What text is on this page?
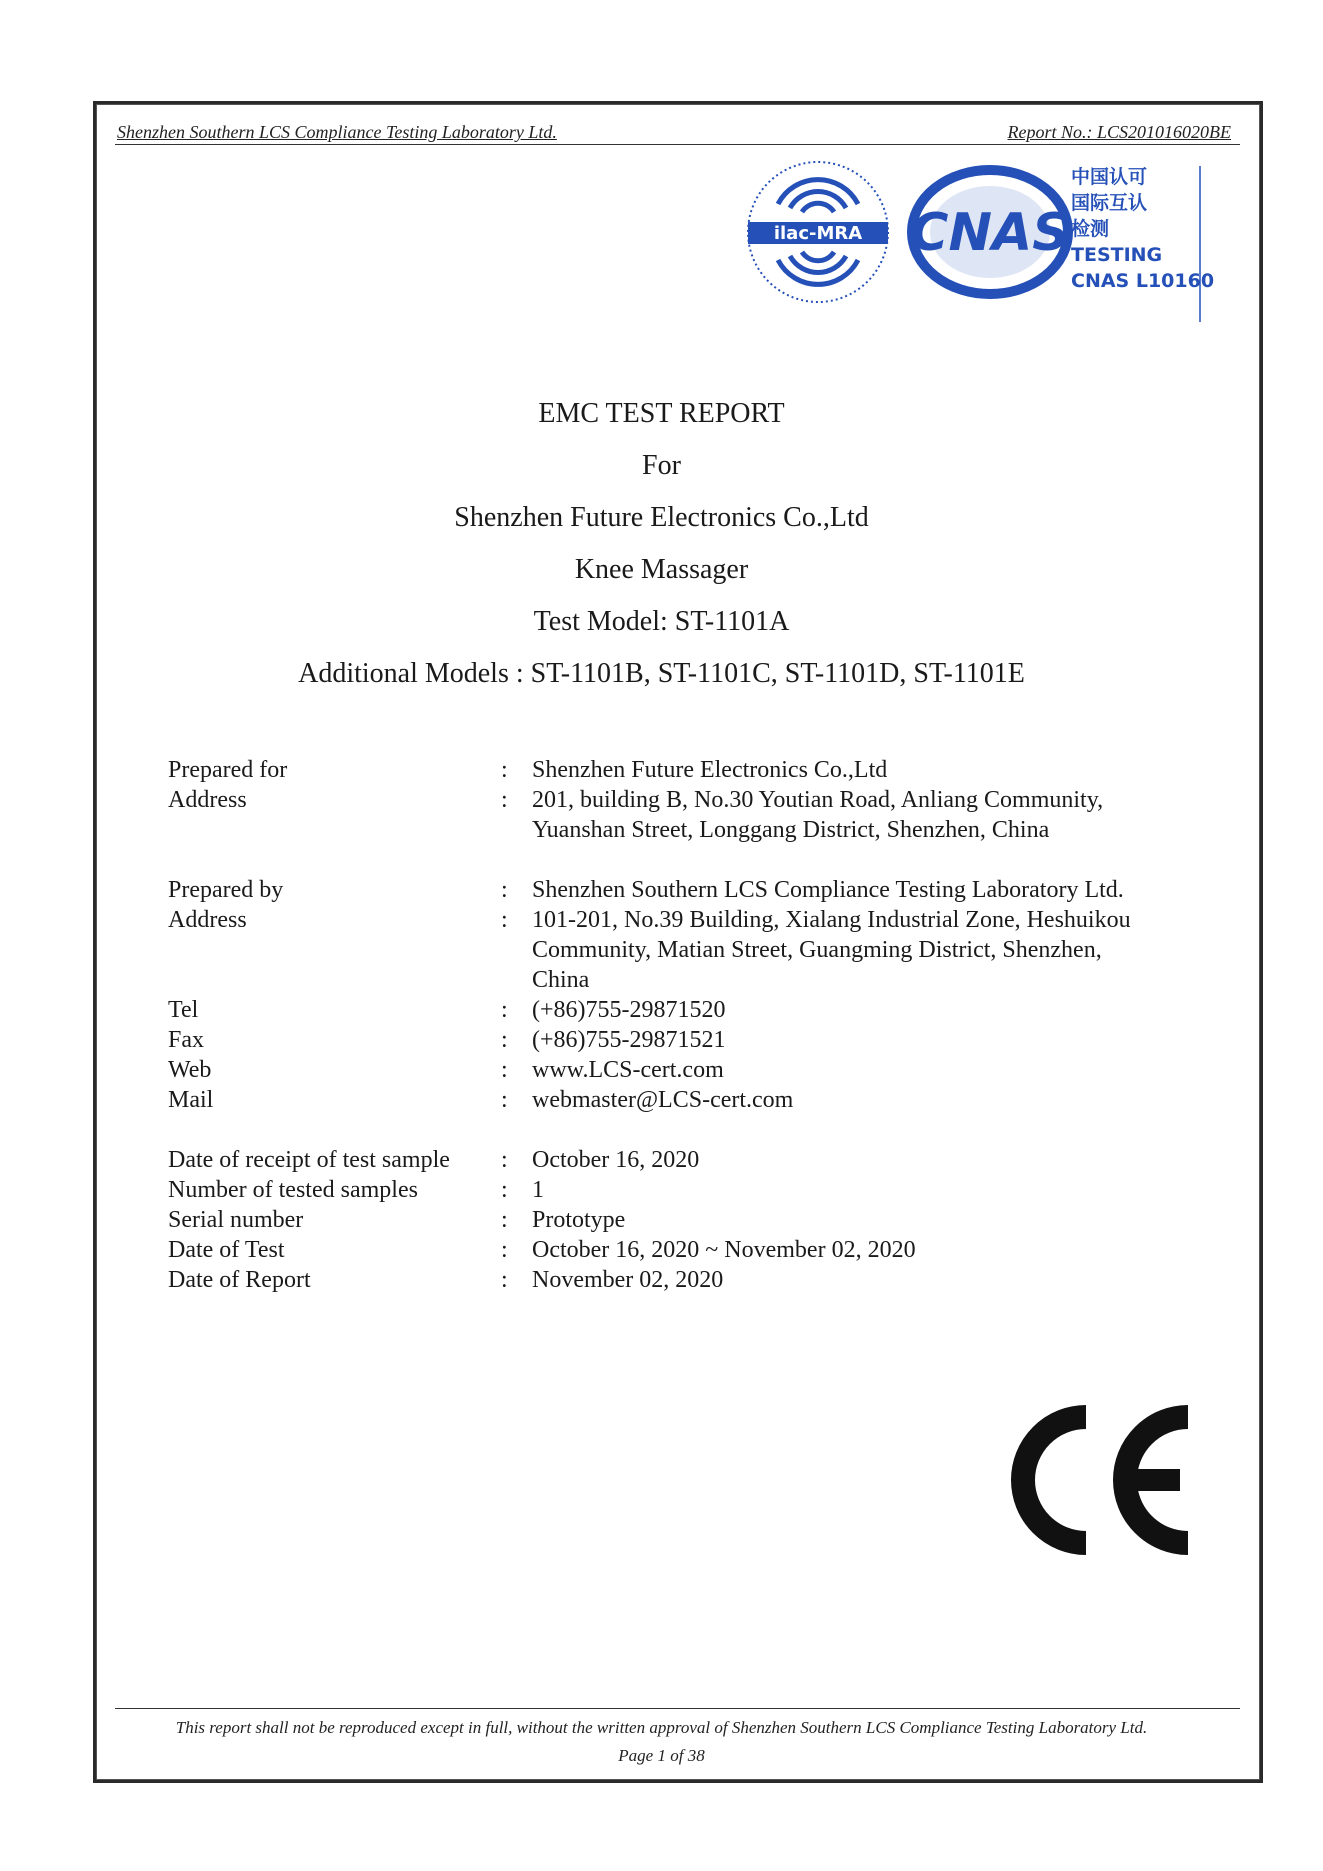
Shenzhen Southern LCS Compliance Testing Laboratory Ltd.	Report No.: LCS201016020BE
ilac-MRA CNAS
中国认可
国际互认
检测
TESTING
CNAS L10160
EMC TEST REPORT
For
Shenzhen Future Electronics Co.,Ltd
Knee Massager
Test Model: ST-1101A
Additional Models : ST-1101B, ST-1101C, ST-1101D, ST-1101E
Prepared for	: Shenzhen Future Electronics Co.,Ltd
Address	: 201, building B, No.30 Youtian Road, Anliang Community,
Yuanshan Street, Longgang District, Shenzhen, China
Prepared by	: Shenzhen Southern LCS Compliance Testing Laboratory Ltd.
Address	: 101-201, No.39 Building, Xialang Industrial Zone, Heshuikou
Community, Matian Street, Guangming District, Shenzhen,
China
Tel	: (+86)755-29871520
Fax	: (+86)755-29871521
Web	: www.LCS-cert.com
Mail	: webmaster@LCS-cert.com
Date of receipt of test sample : October 16, 2020
Number of tested samples	: 1
Serial number	: Prototype
Date of Test	: October 16, 2020 ~ November 02, 2020
Date of Report	: November 02, 2020
This report shall not be reproduced except in full, without the written approval of Shenzhen Southern LCS Compliance Testing Laboratory Ltd.
Page 1 of 38
